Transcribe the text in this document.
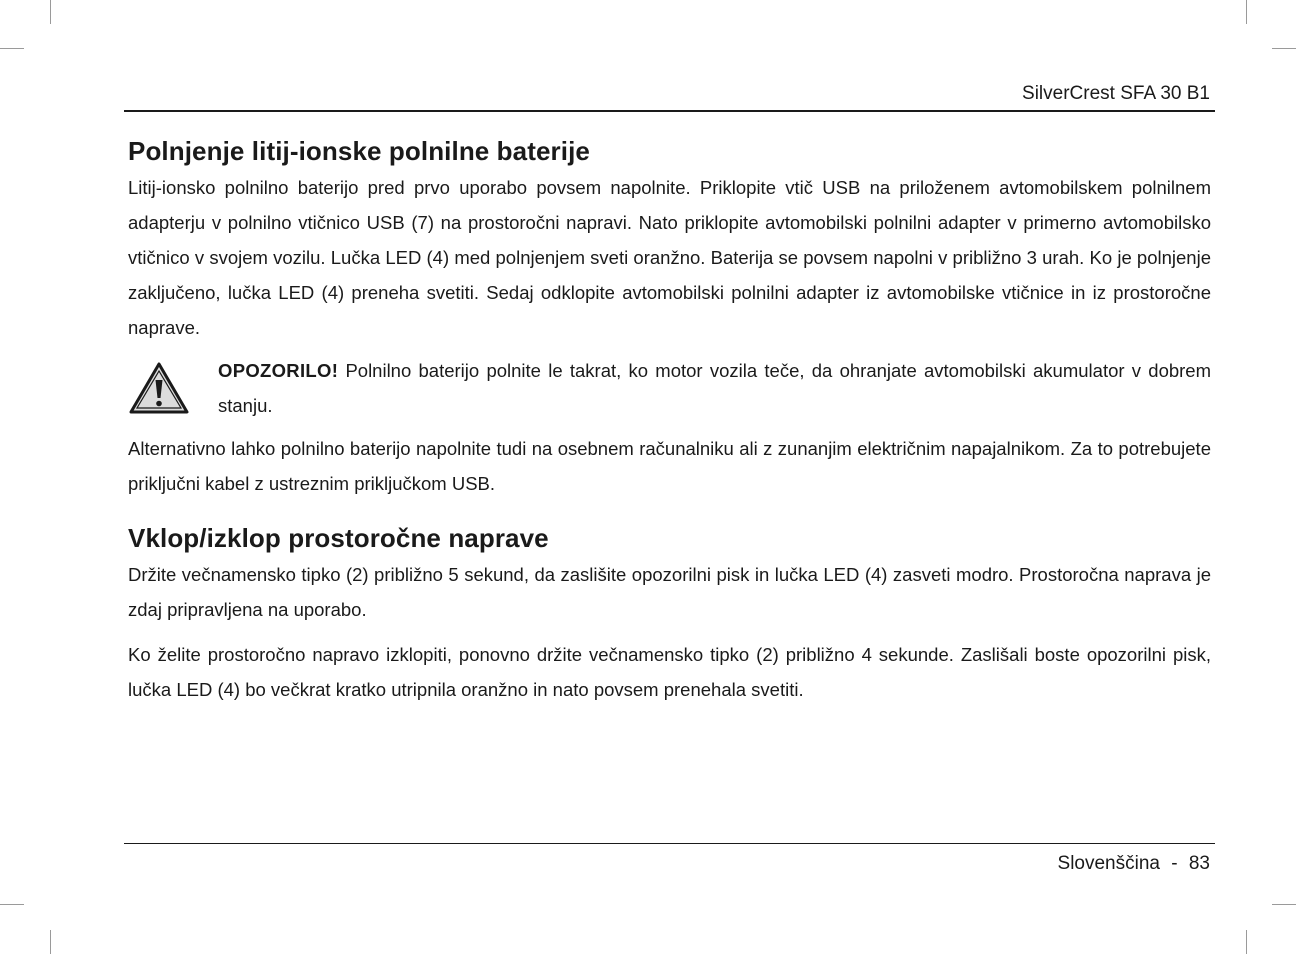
SilverCrest SFA 30 B1
Polnjenje litij-ionske polnilne baterije

Litij-ionsko polnilno baterijo pred prvo uporabo povsem napolnite. Priklopite vtič USB na priloženem avtomobilskem polnilnem adapterju v polnilno vtičnico USB (7) na prostoročni napravi. Nato priklopite avtomobilski polnilni adapter v primerno avtomobilsko vtičnico v svojem vozilu. Lučka LED (4) med polnjenjem sveti oranžno. Baterija se povsem napolni v približno 3 urah. Ko je polnjenje zaključeno, lučka LED (4) preneha svetiti. Sedaj odklopite avtomobilski polnilni adapter iz avtomobilske vtičnice in iz prostoročne naprave.

OPOZORILO! Polnilno baterijo polnite le takrat, ko motor vozila teče, da ohranjate avtomobilski akumulator v dobrem stanju.

Alternativno lahko polnilno baterijo napolnite tudi na osebnem računalniku ali z zunanjim električnim napajalnikom. Za to potrebujete priključni kabel z ustreznim priključkom USB.

Vklop/izklop prostoročne naprave

Držite večnamensko tipko (2) približno 5 sekund, da zaslišite opozorilni pisk in lučka LED (4) zasveti modro. Prostoročna naprava je zdaj pripravljena na uporabo.

Ko želite prostoročno napravo izklopiti, ponovno držite večnamensko tipko (2) približno 4 sekunde. Zaslišali boste opozorilni pisk, lučka LED (4) bo večkrat kratko utripnila oranžno in nato povsem prenehala svetiti.

Slovenščina - 83
